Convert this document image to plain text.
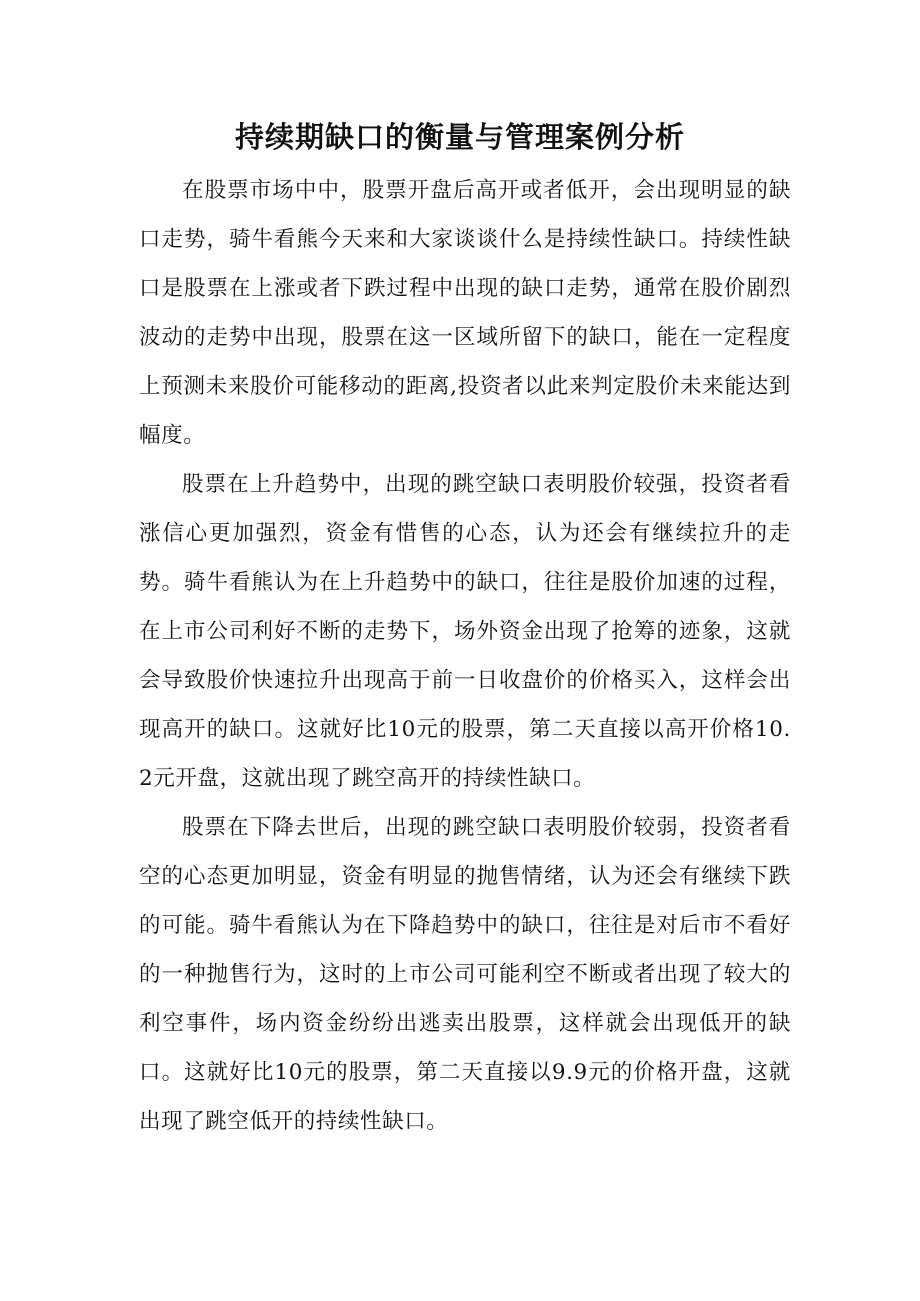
持续期缺口的衡量与管理案例分析

在股票市场中中，股票开盘后高开或者低开，会出现明显的缺口走势，骑牛看熊今天来和大家谈谈什么是持续性缺口。持续性缺口是股票在上涨或者下跌过程中出现的缺口走势，通常在股价剧烈波动的走势中出现，股票在这一区域所留下的缺口，能在一定程度上预测未来股价可能移动的距离,投资者以此来判定股价未来能达到幅度。

股票在上升趋势中，出现的跳空缺口表明股价较强，投资者看涨信心更加强烈，资金有惜售的心态，认为还会有继续拉升的走势。骑牛看熊认为在上升趋势中的缺口，往往是股价加速的过程，在上市公司利好不断的走势下，场外资金出现了抢筹的迹象，这就会导致股价快速拉升出现高于前一日收盘价的价格买入，这样会出现高开的缺口。这就好比10元的股票，第二天直接以高开价格10.2元开盘，这就出现了跳空高开的持续性缺口。

股票在下降去世后，出现的跳空缺口表明股价较弱，投资者看空的心态更加明显，资金有明显的抛售情绪，认为还会有继续下跌的可能。骑牛看熊认为在下降趋势中的缺口，往往是对后市不看好的一种抛售行为，这时的上市公司可能利空不断或者出现了较大的利空事件，场内资金纷纷出逃卖出股票，这样就会出现低开的缺口。这就好比10元的股票，第二天直接以9.9元的价格开盘，这就出现了跳空低开的持续性缺口。
